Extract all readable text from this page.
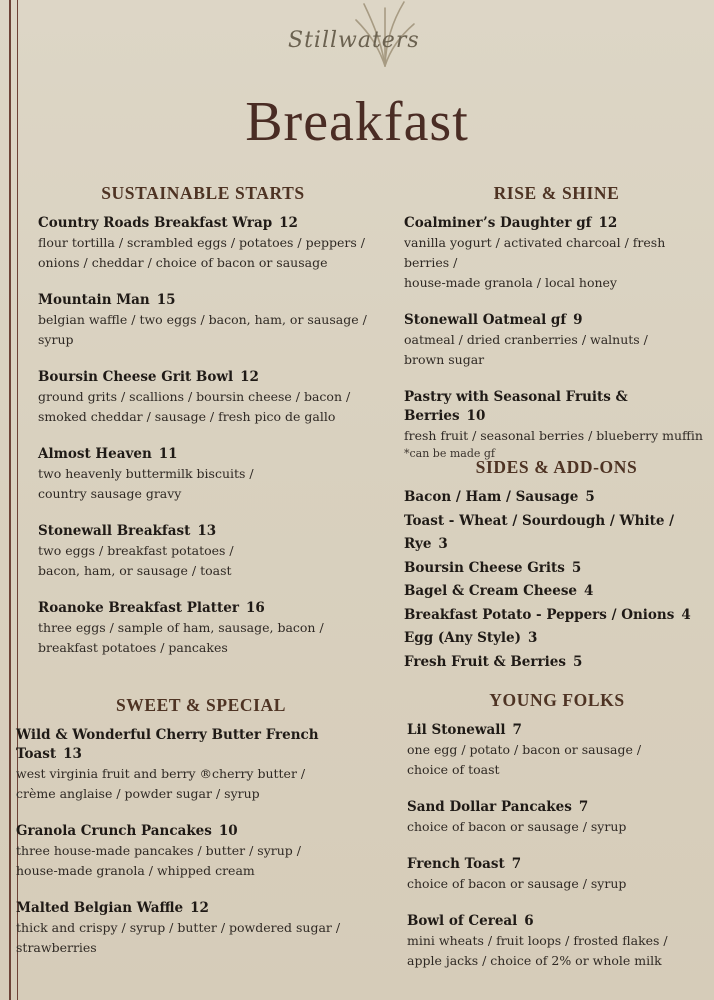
Stillwaters
Breakfast
SUSTAINABLE STARTS
Country Roads Breakfast Wrap 12
flour tortilla / scrambled eggs / potatoes / peppers /
onions / cheddar / choice of bacon or sausage
Mountain Man 15
belgian waffle / two eggs / bacon, ham, or sausage /
syrup
Boursin Cheese Grit Bowl 12
ground grits / scallions / boursin cheese / bacon /
smoked cheddar / sausage / fresh pico de gallo
Almost Heaven 11
two heavenly buttermilk biscuits /
country sausage gravy
Stonewall Breakfast 13
two eggs / breakfast potatoes /
bacon, ham, or sausage / toast
Roanoke Breakfast Platter 16
three eggs / sample of ham, sausage, bacon /
breakfast potatoes / pancakes
RISE & SHINE
Coalminer’s Daughter gf 12
vanilla yogurt / activated charcoal / fresh berries /
house-made granola / local honey
Stonewall Oatmeal gf 9
oatmeal / dried cranberries / walnuts /
brown sugar
Pastry with Seasonal Fruits & Berries 10
fresh fruit / seasonal berries / blueberry muffin
*can be made gf
SIDES & ADD-ONS
Bacon / Ham / Sausage 5
Toast - Wheat / Sourdough / White / Rye 3
Boursin Cheese Grits 5
Bagel & Cream Cheese 4
Breakfast Potato - Peppers / Onions 4
Egg (Any Style) 3
Fresh Fruit & Berries 5
SWEET & SPECIAL
Wild & Wonderful Cherry Butter French Toast 13
west virginia fruit and berry ®cherry butter /
crème anglaise / powder sugar / syrup
Granola Crunch Pancakes 10
three house-made pancakes / butter / syrup /
house-made granola / whipped cream
Malted Belgian Waffle 12
thick and crispy / syrup / butter / powdered sugar /
strawberries
YOUNG FOLKS
Lil Stonewall 7
one egg / potato / bacon or sausage /
choice of toast
Sand Dollar Pancakes 7
choice of bacon or sausage / syrup
French Toast 7
choice of bacon or sausage / syrup
Bowl of Cereal 6
mini wheats / fruit loops / frosted flakes /
apple jacks / choice of 2% or whole milk
